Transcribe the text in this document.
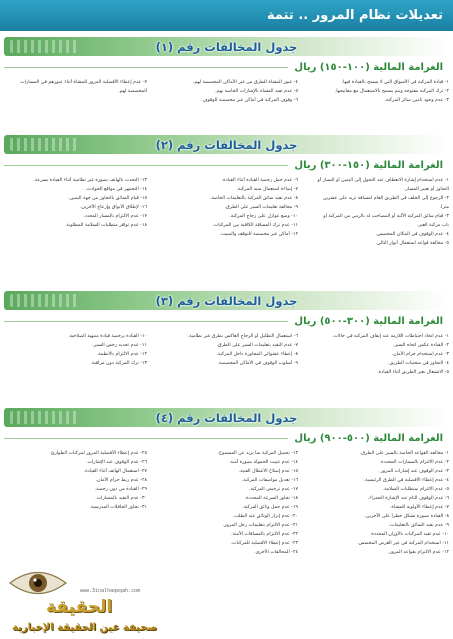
تعديلات نظام المرور .. تتمة
جدول المخالفات رقم (١)
الغرامة المالية (١٠٠-١٥٠) ريال

١- قيادة المركبة في الأسواق التي لا يسمح بالقيادة فيها.

٢- ترك المركبة مفتوحة ويتم يسمح بالاستعمال مع مفاتيحها.

٣- عدم وجود تأمين سائر المركبة.

٤- عبور المشاة للطرق من غير الأماكن المخصصة لهم.

٥- عدم تقيد المشاة بالإشارات الخاصة بهم.

٦- وقوف المركبة في أماكن غير مخصصة للوقوف.

٧- عدم إعطاء الأفضلية المرور للمشاة أثناء عبورهم في المسارات

المخصصة لهم.

جدول المخالفات رقم (٢)
الغرامة المالية (١٥٠-٣٠٠) ريال

١- عدم استخدام إشارة الانعطاف عند التحول إلى اليمين أو اليسار أو

التجاوز أو تغيير المسار.

٢- الرجوع إلى الخلف في الطريق العام لمسافة تزيد على عشرين

متراً.

٣- قيام سائق المركبة الآلية أو المصاحب له بالرمي من المركبة أو

باب مركبة الغير.

٤- عدم الوقوف في المكان المخصص.

٥- مخالفة قواعد استعمال أنوار التالي.

٦- عدم حمل رخصة القيادة أثناء القيادة.

٧- إضاءة استعمال منبه المركبة.

٨- عدم تقيد سائق المركبة بالتعليمات الخاصة.

٩- مخالفة تعليمات السير على الطرق.

١٠- وضع عوازل على زجاج المركبة.

١١- عدم ترك المسافة الكافية بين المركبات.

١٢- أماكن غير مخصصة للتوقف والمبيت.

١٣- التحدث بالهاتف بصورة غير نظامية أثناء القيادة بسرعة.

١٤- التجمهر في مواقع الحوادث.

١٥- قيام السائق بالتجاوز من جهة اليمين.

١٦- لإطلاق الأبواق وإزعاج الآخرين.

١٧- عدم الالتزام بالمسار المحدد.

١٨- عدم توافر متطلبات السلامة المطلوبة.

جدول المخالفات رقم (٣)
الغرامة المالية (٣٠٠-٥٠٠) ريال

١- عدم اتخاذ احتياطات اللازمة عند إيقاف المركبة في حالات.

٢- القيادة عكس اتجاه السير.

٣- عدم استخدام حزام الأمان.

٤- التجاوز في منحنيات الطريق.

٥- الانشغال بغير الطريق أثناء القيادة.

٦- استعمال التظليل أو الزجاج العاكس بطرق غير نظامية.

٧- عدم التقيد بتعليمات السير على الطرق.

٨- إعطاء عشوائي المجاورة داخل المركبة.

٩- أسلوب الوقوف في الأماكن المخصصة.

١٠- القيادة برخصة قيادة منتهية الصلاحية.

١١- عدم تجديد رخص السير.

١٢- عدم الالتزام بالأنظمة.

١٣- ترك المركبة دون مراقبة.

جدول المخالفات رقم (٤)
الغرامة المالية (٥٠٠-٩٠٠) ريال

١- مخالفة القواعد الخاصة بالسير على الطرق.

٢- عدم الالتزام بالمسارات المحددة.

٣- عدم الوقوف عند إشارات المرور.

٤- عدم إعطاء الأفضلية في الطرق الرئيسية.

٥- عدم الالتزام بمتطلبات السلامة.

٦- عدم الوقوف التام عند الإشارة الحمراء.

٧- عدم إعطاء الأولوية للمشاة.

٨- القيادة بصورة تشكل خطراً على الآخرين.

٩- عدم تقيد السائق بالتعليمات.

١٠- عدم تقيد المركبات بالأوزان المحددة.

١١- استخدام المركبة في غير الغرض المخصص.

١٢- عدم الالتزام بقواعد المرور.

١٣- تحميل المركبة بما يزيد عن المسموح.

١٤- عدم تثبيت الحمولة بصورة آمنة.

١٥- عدم إصلاح الأعطال الفنية.

١٦- تعديل مواصفات المركبة.

١٧- عدم ترخيص المركبة.

١٨- تجاوز السرعة المحددة.

١٩- عدم حمل وثائق المركبة.

٢٠- عدم إبراز الوثائق عند الطلب.

٢١- عدم الالتزام بتعليمات رجل المرور.

٢٢- عدم الالتزام بالمسافات الآمنة.

٢٣- عدم إعطاء الأفضلية للمركبات.

٢٤- المخالفات الأخرى.

٢٥- عدم إعطاء الأفضلية المرور لمركبات الطوارئ.

٢٦- عدم الوقوف عند الإشارات.

٢٧- استعمال الهاتف أثناء القيادة.

٢٨- عدم ربط حزام الأمان.

٢٩- القيادة من دون رخصة.

٣٠- عدم التقيد بالمسارات.

٣١- تجاوز الحافلات المدرسية.

www.3inalhaqeqah.com
الحقيقة
صحيفة عين الحقيقة الإخبارية
